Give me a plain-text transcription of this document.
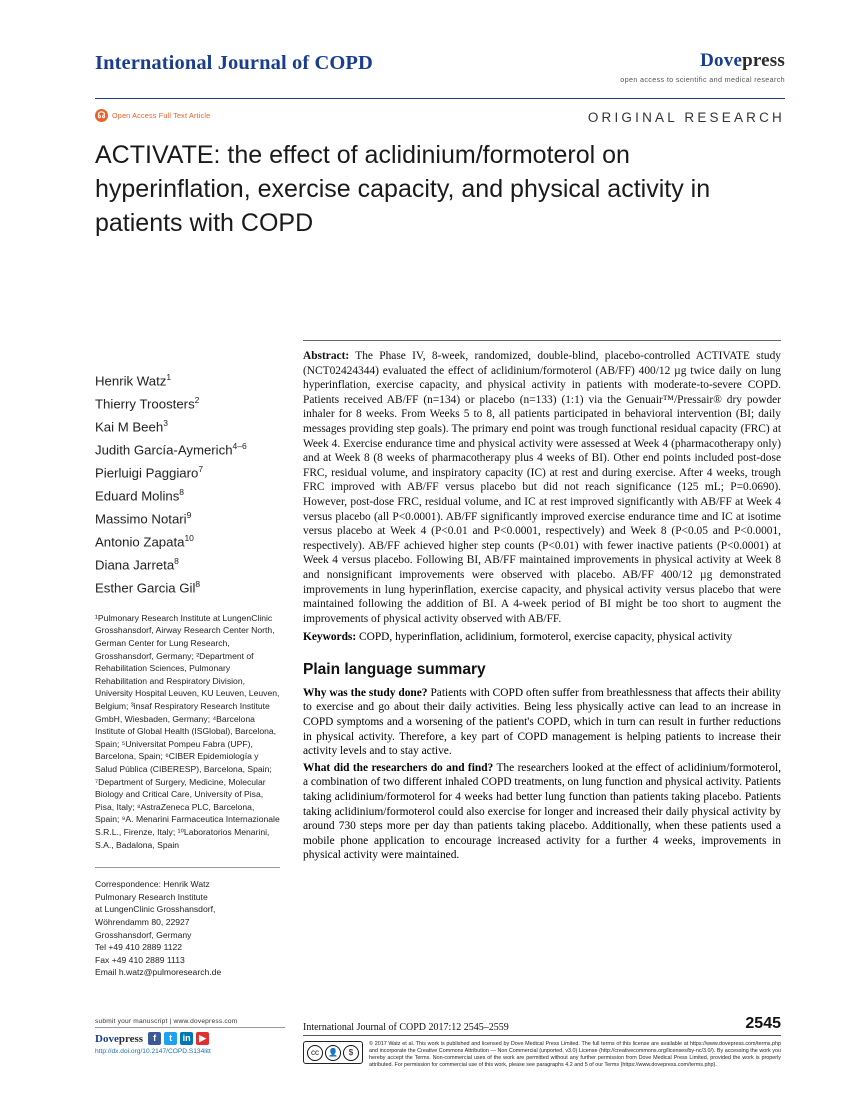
International Journal of COPD	Dovepress
open access to scientific and medical research
☊ Open Access Full Text Article	ORIGINAL RESEARCH
ACTIVATE: the effect of aclidinium/formoterol on hyperinflation, exercise capacity, and physical activity in patients with COPD
Henrik Watz$^1$
Thierry Troosters$^2$
Kai M Beeh$^3$
Judith García-Aymerich$^{4-6}$
Pierluigi Paggiaro$^7$
Eduard Molins$^8$
Massimo Notari$^9$
Antonio Zapata$^{10}$
Diana Jarreta$^8$
Esther Garcia Gil$^8$
¹Pulmonary Research Institute at LungenClinic Grosshansdorf, Airway Research Center North, German Center for Lung Research, Grosshansdorf, Germany; ²Department of Rehabilitation Sciences, Pulmonary Rehabilitation and Respiratory Division, University Hospital Leuven, KU Leuven, Leuven, Belgium; ³insaf Respiratory Research Institute GmbH, Wiesbaden, Germany; ⁴Barcelona Institute of Global Health (ISGlobal), Barcelona, Spain; ⁵Universitat Pompeu Fabra (UPF), Barcelona, Spain; ⁶CIBER Epidemiología y Salud Pública (CIBERESP), Barcelona, Spain; ⁷Department of Surgery, Medicine, Molecular Biology and Critical Care, University of Pisa, Pisa, Italy; ⁸AstraZeneca PLC, Barcelona, Spain; ⁹A. Menarini Farmaceutica Internazionale S.R.L., Firenze, Italy; ¹⁰Laboratorios Menarini, S.A., Badalona, Spain
Correspondence: Henrik Watz
Pulmonary Research Institute
at LungenClinic Grosshansdorf,
Wöhrendamm 80, 22927
Grosshansdorf, Germany
Tel +49 410 2889 1122
Fax +49 410 2889 1113
Email h.watz@pulmoresearch.de
Abstract: The Phase IV, 8-week, randomized, double-blind, placebo-controlled ACTIVATE study (NCT02424344) evaluated the effect of aclidinium/formoterol (AB/FF) 400/12 µg twice daily on lung hyperinflation, exercise capacity, and physical activity in patients with moderate-to-severe COPD. Patients received AB/FF (n=134) or placebo (n=133) (1:1) via the Genuair™/Pressair® dry powder inhaler for 8 weeks. From Weeks 5 to 8, all patients participated in behavioral intervention (BI; daily messages providing step goals). The primary end point was trough functional residual capacity (FRC) at Week 4. Exercise endurance time and physical activity were assessed at Week 4 (pharmacotherapy only) and at Week 8 (8 weeks of pharmacotherapy plus 4 weeks of BI). Other end points included post-dose FRC, residual volume, and inspiratory capacity (IC) at rest and during exercise. After 4 weeks, trough FRC improved with AB/FF versus placebo but did not reach significance (125 mL; P=0.0690). However, post-dose FRC, residual volume, and IC at rest improved significantly with AB/FF at Week 4 versus placebo (all P<0.0001). AB/FF significantly improved exercise endurance time and IC at isotime versus placebo at Week 4 (P<0.01 and P<0.0001, respectively) and Week 8 (P<0.05 and P<0.0001, respectively). AB/FF achieved higher step counts (P<0.01) with fewer inactive patients (P<0.0001) at Week 4 versus placebo. Following BI, AB/FF maintained improvements in physical activity at Week 8 and nonsignificant improvements were observed with placebo. AB/FF 400/12 µg demonstrated improvements in lung hyperinflation, exercise capacity, and physical activity versus placebo that were maintained following the addition of BI. A 4-week period of BI might be too short to augment the improvements of physical activity observed with AB/FF.
Keywords: COPD, hyperinflation, aclidinium, formoterol, exercise capacity, physical activity
Plain language summary

Why was the study done? Patients with COPD often suffer from breathlessness that affects their ability to exercise and go about their daily activities. Being less physically active can lead to an increase in COPD symptoms and a worsening of the patient's COPD, which in turn can result in further reductions in physical activity. Therefore, a key part of COPD management is helping patients to increase their activity levels and to stay active.

What did the researchers do and find? The researchers looked at the effect of aclidinium/formoterol, a combination of two different inhaled COPD treatments, on lung function and physical activity. Patients taking aclidinium/formoterol for 4 weeks had better lung function than patients taking placebo. Patients taking aclidinium/formoterol could also exercise for longer and increased their daily physical activity by around 730 steps more per day than patients taking placebo. Additionally, when these patients used a mobile phone application to encourage increased activity for a further 4 weeks, improvements in physical activity were maintained.

submit your manuscript | www.dovepress.com
Dovepress	f	t	in ▶
http://dx.doi.org/10.2147/COPD.S134litt
International Journal of COPD 2017:12 2545–2559	2545
cc	👤	$
© 2017 Watz et al. This work is published and licensed by Dove Medical Press Limited. The full terms of this license are available at https://www.dovepress.com/terms.php and incorporate the Creative Commons Attribution — Non Commercial (unported, v3.0) License (http://creativecommons.org/licenses/by-nc/3.0/). By accessing the work you hereby accept the Terms. Non-commercial uses of the work are permitted without any further permission from Dove Medical Press Limited, provided the work is properly attributed. For permission for commercial use of this work, please see paragraphs 4.2 and 5 of our Terms (https://www.dovepress.com/terms.php).
